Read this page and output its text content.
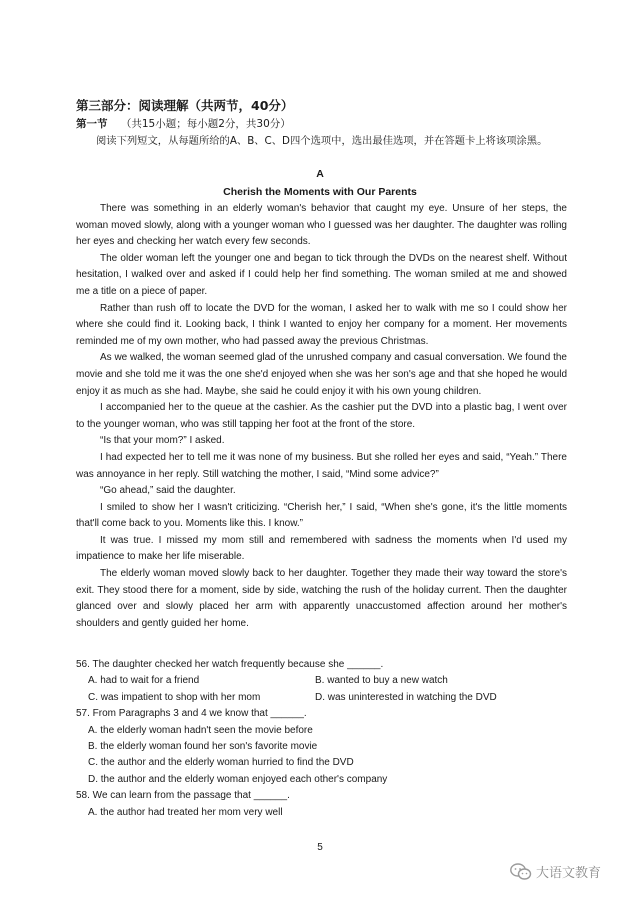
第三部分：阅读理解（共两节，40分）
第一节 （共15小题；每小题2分，共30分）
阅读下列短文，从每题所给的A、B、C、D四个选项中，选出最佳选项，并在答题卡上将该项涂黑。
A
Cherish the Moments with Our Parents

There was something in an elderly woman's behavior that caught my eye. Unsure of her steps, the woman moved slowly, along with a younger woman who I guessed was her daughter. The daughter was rolling her eyes and checking her watch every few seconds.

The older woman left the younger one and began to tick through the DVDs on the nearest shelf. Without hesitation, I walked over and asked if I could help her find something. The woman smiled at me and showed me a title on a piece of paper.

Rather than rush off to locate the DVD for the woman, I asked her to walk with me so I could show her where she could find it. Looking back, I think I wanted to enjoy her company for a moment. Her movements reminded me of my own mother, who had passed away the previous Christmas.

As we walked, the woman seemed glad of the unrushed company and casual conversation. We found the movie and she told me it was the one she'd enjoyed when she was her son's age and that she hoped he would enjoy it as much as she had. Maybe, she said he could enjoy it with his own young children.

I accompanied her to the queue at the cashier. As the cashier put the DVD into a plastic bag, I went over to the younger woman, who was still tapping her foot at the front of the store.

“Is that your mom?” I asked.

I had expected her to tell me it was none of my business. But she rolled her eyes and said, “Yeah.” There was annoyance in her reply. Still watching the mother, I said, “Mind some advice?”

“Go ahead,” said the daughter.

I smiled to show her I wasn't criticizing. “Cherish her,” I said, “When she's gone, it's the little moments that'll come back to you. Moments like this. I know.”

It was true. I missed my mom still and remembered with sadness the moments when I'd used my impatience to make her life miserable.

The elderly woman moved slowly back to her daughter. Together they made their way toward the store's exit. They stood there for a moment, side by side, watching the rush of the holiday current. Then the daughter glanced over and slowly placed her arm with apparently unaccustomed affection around her mother's shoulders and gently guided her home.

56. The daughter checked her watch frequently because she ______.

A. had to wait for a friend	B. wanted to buy a new watch
C. was impatient to shop with her mom	D. was uninterested in watching the DVD

57. From Paragraphs 3 and 4 we know that ______.

A. the elderly woman hadn't seen the movie before
B. the elderly woman found her son's favorite movie
C. the author and the elderly woman hurried to find the DVD
D. the author and the elderly woman enjoyed each other's company

58. We can learn from the passage that ______.

A. the author had treated her mom very well
5
大语文教育
